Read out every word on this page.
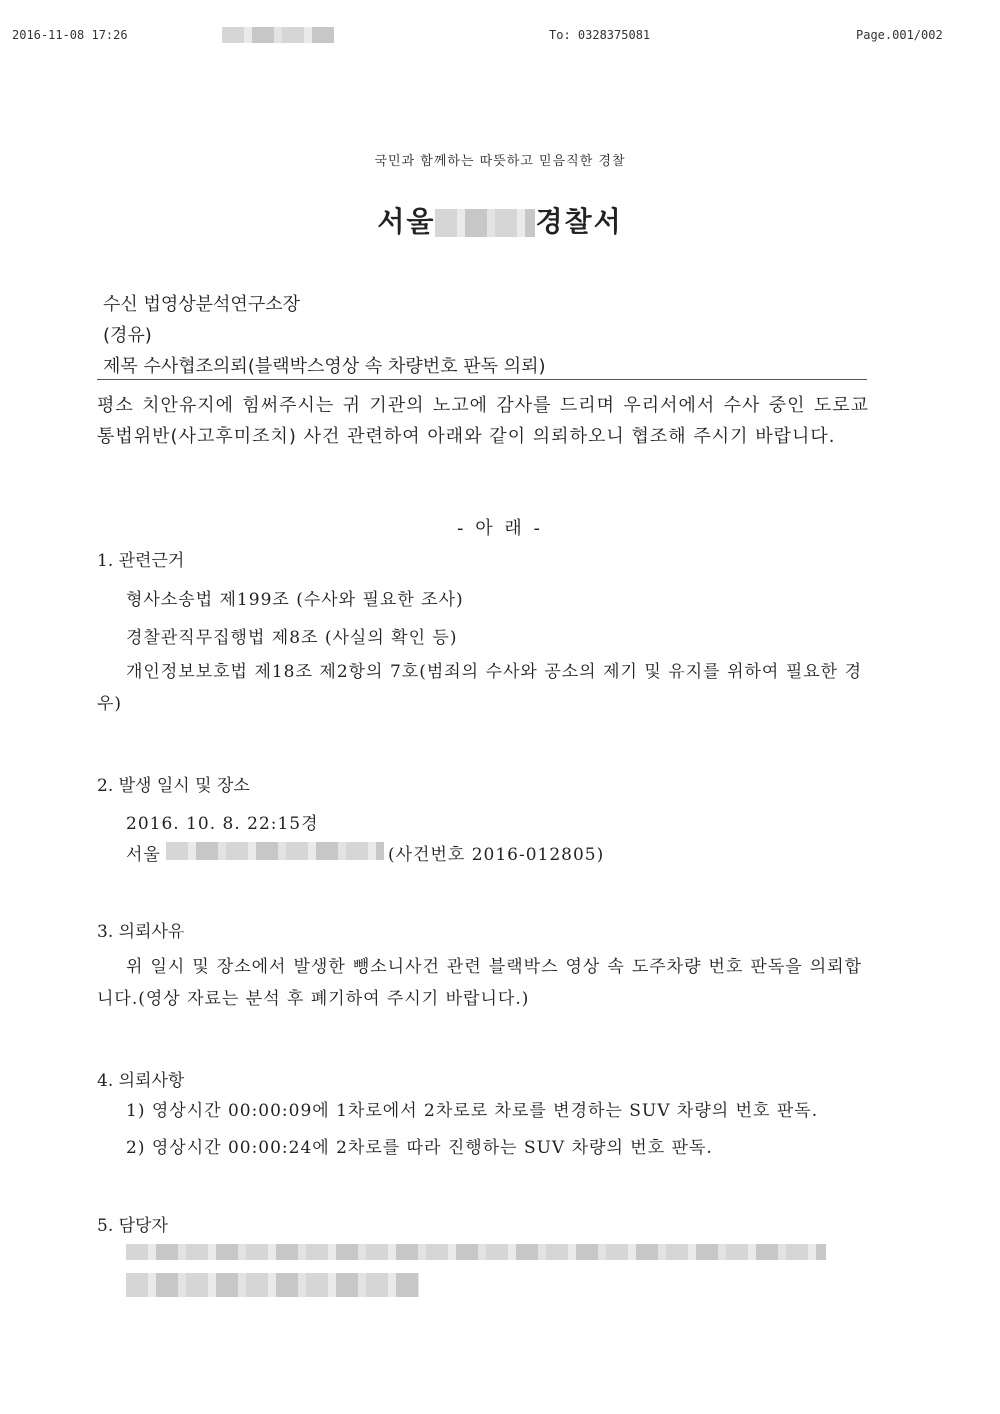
2016-11-08 17:26	To: 0328375081	Page.001/002
국민과 함께하는 따뜻하고 믿음직한 경찰
서울	경찰서
수신 법영상분석연구소장
(경유)
제목 수사협조의뢰(블랙박스영상 속 차량번호 판독 의뢰)
평소 치안유지에 힘써주시는 귀 기관의 노고에 감사를 드리며 우리서에서 수사 중인 도로교통법위반(사고후미조치) 사건 관련하여 아래와 같이 의뢰하오니 협조해 주시기 바랍니다.
- 아 래 -
1. 관련근거
형사소송법 제199조 (수사와 필요한 조사)
경찰관직무집행법 제8조 (사실의 확인 등)
개인정보보호법 제18조 제2항의 7호(범죄의 수사와 공소의 제기 및 유지를 위하여 필요한 경우)
2. 발생 일시 및 장소
2016. 10. 8. 22:15경
서울	(사건번호 2016-012805)
3. 의뢰사유
위 일시 및 장소에서 발생한 뺑소니사건 관련 블랙박스 영상 속 도주차량 번호 판독을 의뢰합니다.(영상 자료는 분석 후 폐기하여 주시기 바랍니다.)
4. 의뢰사항
1) 영상시간 00:00:09에 1차로에서 2차로로 차로를 변경하는 SUV 차량의 번호 판독.
2) 영상시간 00:00:24에 2차로를 따라 진행하는 SUV 차량의 번호 판독.
5. 담당자
